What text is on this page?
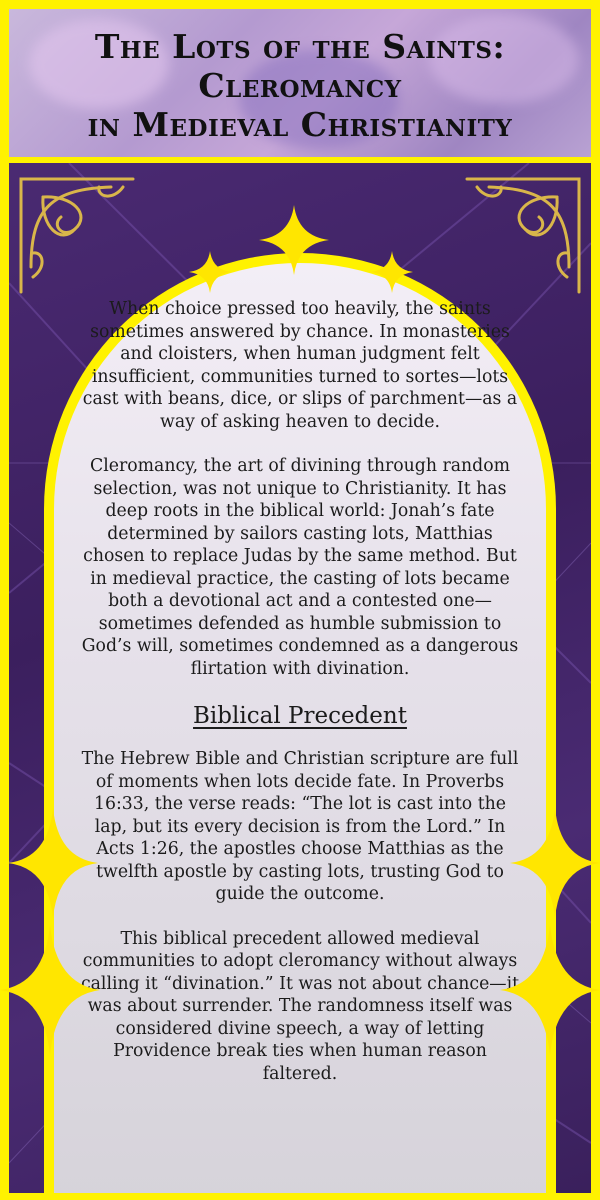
The Lots of the Saints:
Cleromancy
in Medieval Christianity

When choice pressed too heavily, the saints sometimes answered by chance. In monasteries and cloisters, when human judgment felt insufficient, communities turned to sortes—lots cast with beans, dice, or slips of parchment—as a way of asking heaven to decide.

Cleromancy, the art of divining through random selection, was not unique to Christianity. It has deep roots in the biblical world: Jonah’s fate determined by sailors casting lots, Matthias chosen to replace Judas by the same method. But in medieval practice, the casting of lots became both a devotional act and a contested one—sometimes defended as humble submission to God’s will, sometimes condemned as a dangerous flirtation with divination.

Biblical Precedent

The Hebrew Bible and Christian scripture are full of moments when lots decide fate. In Proverbs 16:33, the verse reads: “The lot is cast into the lap, but its every decision is from the Lord.” In Acts 1:26, the apostles choose Matthias as the twelfth apostle by casting lots, trusting God to guide the outcome.

This biblical precedent allowed medieval communities to adopt cleromancy without always calling it “divination.” It was not about chance—it was about surrender. The randomness itself was considered divine speech, a way of letting Providence break ties when human reason faltered.
